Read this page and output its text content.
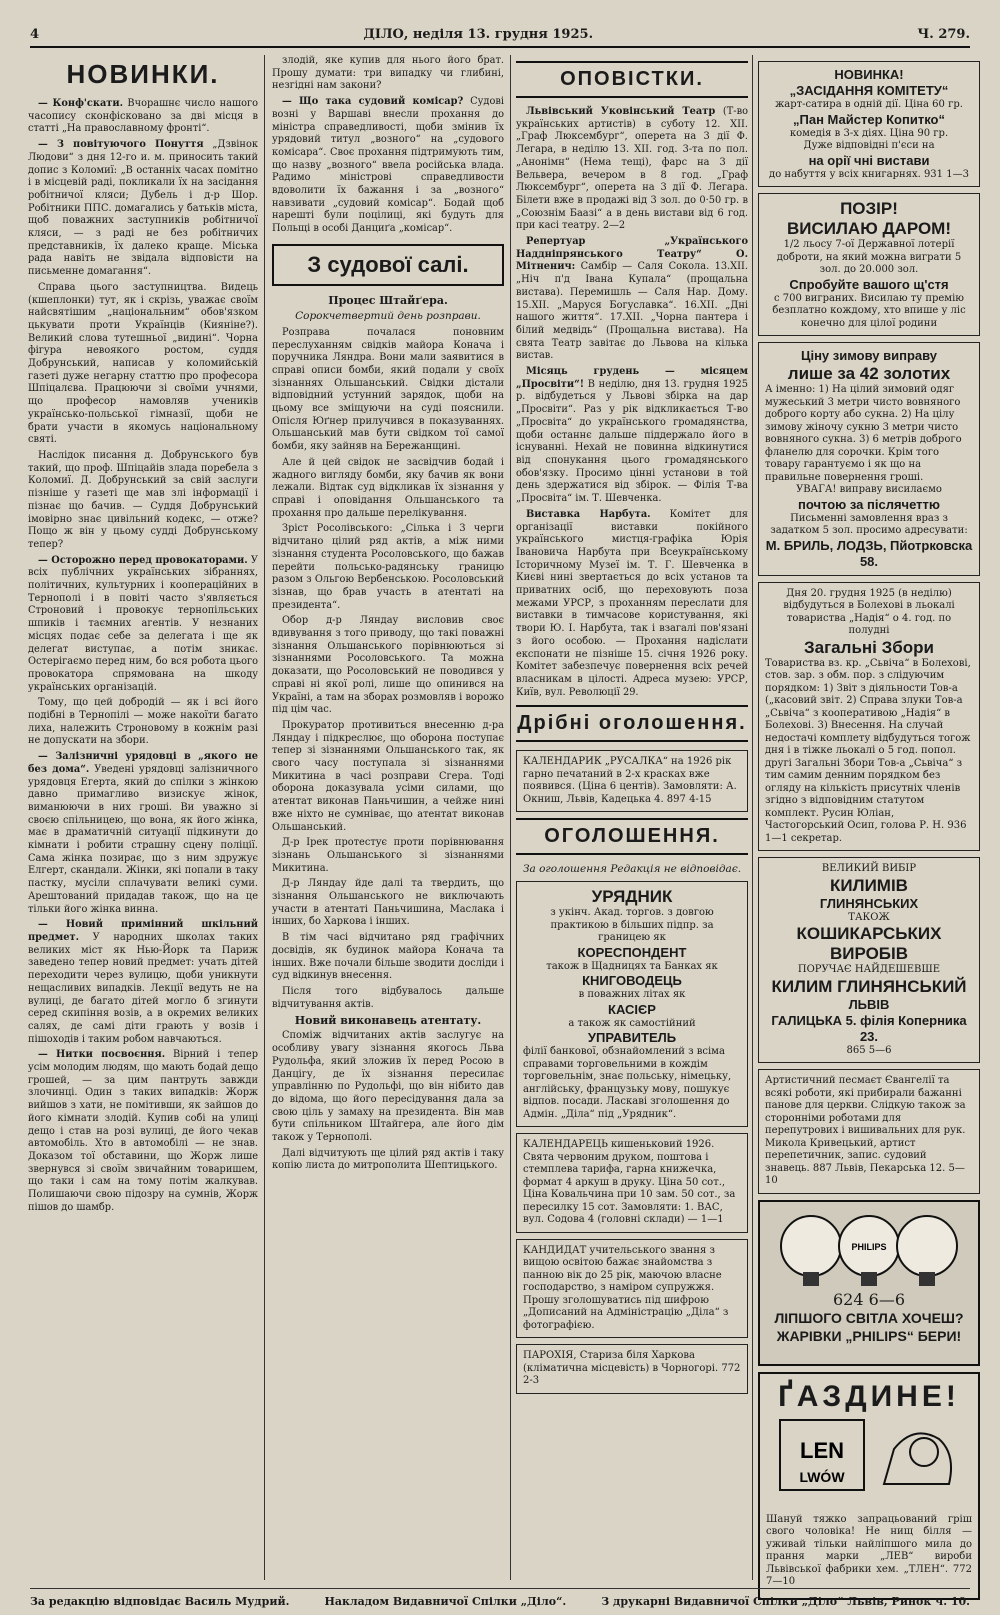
4	ДІЛО, неділя 13. грудня 1925.	Ч. 279.
НОВИНКИ.

— Конф'скати. Вчорашнє число нашого часопису сконфісковано за дві місця в статті „На православному фронті“.

— З повітуючого Понуття „Дзвінок Людови“ з дня 12-го и. м. приносить такий допис з Коломиї: „В останніх часах помітно і в місцевій раді, покликали їх на засідання робітничої кляси; Дубель і д-р Шор. Робітники ППС. домагались у батьків міста, щоб поважних заступників робітничої кляси, — з раді не без робітничих представників, їх далеко краще. Міська рада навіть не звідала відповісти на письменне домагання“.

Справа цього заступництва. Видець (кшеплонки) тут, як і скрізь, уважає своїм найсвятішим „національним“ обов'язком цькувати проти Українців (Кияніне?). Великий слова тутешньої „видині“. Чорна фігура невоякого ростом, суддя Добрунський, написав у коломийській газеті дуже негарну статтю про професора Шпіцалєва. Працюючи зі своїми учнями, що професор намовляв учеників українсько-польської гімназії, щоби не брати участи в якомусь національному святі.

Наслідок писання д. Добрунського був такий, що проф. Шпіцайів злада поребела з Коломиї. Д. Добрунський за свій заслуги пізніше у газеті ще мав злі інформації і пізнає що бачив. — Суддя Добрунський імовірно знає цивільний кодекс, — отже? Пощо ж він у цьому судді Добрунському тепер?

— Осторожно перед провокаторами. У всіх публічних українських зібраннях, політичних, культурних і коопераційних в Тернополі і в повіті часто з'являється Строновий і провокує тернопільських шпиків і таємних агентів. У незнаних місцях подає себе за делегата і ще як делегат виступає, а потім зникає. Остерігаємо перед ним, бо вся робота цього провокатора спрямована на шкоду українських організацій.

Тому, що цей добродій — як і всі його подібні в Тернопілі — може накоїти багато лиха, належить Строновому в кожнім разі не допускати на збори.

— Залізничні урядовці в „якого не без дома“. Уведені урядовці залізничного урядовця Егерта, який до спілки з жінкою давно примагливо визискує жінок, виманюючи в них гроші. Ви уважно зі своєю спільницею, що вона, як його жінка, має в драматичній ситуації підкинути до кімнати і робити страшну сцену поліції. Сама жінка позирає, що з ним здружує Елгерт, скандали. Жінки, які попали в таку пастку, мусіли сплачувати великі суми. Арештований придадав також, що на це тільки його жінка винна.

— Новий примінний шкільний предмет. У народних школах таких великих міст як Нью-Йорк та Париж заведено тепер новий предмет: учать дітей переходити через вулицю, щоби уникнути нещасливих випадків. Лекції ведуть не на вулиці, де багато дітей могло б згинути серед скипіння возів, а в окремих великих салях, де самі діти грають у возів і пішоходів і таким робом навчаються.

— Нитки посвоєння. Вірний і тепер усім молодим людям, що мають бодай дещо грошей, — за цим пантруть завжди злочинці. Один з таких випадків: Жорж вийшов з хати, не помітивши, як зайшов до його кімнати злодій. Купив собі на улиці дещо і став на розі вулиці, де його чекав автомобіль. Хто в автомобілі — не знав. Доказом тої обставини, що Жорж лише звернувся зі своїм звичайним товаришем, що таки і сам на тому потім жалкував. Полишаючи свою підозру на сумнів, Жорж пішов до шамбр.

злодій, яке купив для нього його брат. Прошу думати: три випадку чи глибині, незгідні нам закони?

— Що така судовий комісар? Судові возні у Варшаві внесли прохання до міністра справедливості, щоби змінив їх урядовий титул „возного“ на „судового комісара“. Своє прохання підтримують тим, що назву „возного“ ввела російська влада. Радимо міністрові справедливости вдоволити їх бажання і за „возного“ навзивати „судовий комісар“. Бодай щоб нарешті були поцілиці, які будуть для Польщі в особі Данциґа „комісар“.

З судової салі.
Процес Штайґера.
Сорокчетвертий день розправи.

Розправа почалася поновним переслуханням свідків майора Конача і поручника Ляндра. Вони мали заявитися в справі описи бомби, який подали у своїх зізнаннях Ольшанський. Свідки дістали відповідний устунний зарядок, щоби на цьому все зміщуючи на суді пояснили. Опісля Юґнер прилучився в показуваннях. Ольшанський мав бути свідком тої самої бомби, яку зайняв на Бережанщині.

Але й цей свідок не засвідчив бодай і жадного вигляду бомби, яку бачив як вони лежали. Відтак суд відкликав їх зізнання у справі і оповідання Ольшанського та прохання про дальше перелікування.

Зріст Росолівського: „Сілька і 3 черги відчитано цілий ряд актів, а між ними зізнання студента Росоловського, що бажав перейти польсько-радянську границю разом з Ольгою Вербенською. Росоловський зізнав, що брав участь в атентаті на президента“.

Обор д-р Ляндау висловив своє вдивування з того приводу, що такі поважні зізнання Ольшанського порівнюються зі зізнаннями Росоловського. Та можна доказати, що Росоловський не поводився у справі ні якої ролі, лише що опинився на Україні, а там на зборах розмовляв і ворожо під цім час.

Прокуратор противиться внесенню д-ра Ляндау і підкреслює, що оборона поступає тепер зі зізнаннями Ольшанського так, як свого часу поступала зі зізнаннями Микитина в часі розправи Сгера. Тоді оборона доказувала усіми силами, що атентат виконав Паньчишин, а чейже нині вже ніхто не сумніває, що атентат виконав Ольшанський.

Д-р Ірек протестує проти порівнювання зізнань Ольшанського зі зізнаннями Микитина.

Д-р Ляндау йде далі та твердить, що зізнання Ольшанського не виключають участи в атентаті Паньчишина, Маслака і інших, бо Харкова і інших.

В тім часі відчитано ряд графічних досвідів, як будинок майора Конача та інших. Вже почали більше зводити досліди і суд відкинув внесення.

Після того відбувалось дальше відчитування актів.

Новий виконавець атентату.

Споміж відчитаних актів заслугує на особливу увагу зізнання якогось Льва Рудольфа, який зложив їх перед Росою в Данцігу, де їх зізнання пересилає управлінню по Рудольфі, що він нібито дав до відома, що його пересідування дала за свою ціль у замаху на президента. Він мав бути спільником Штайгера, але його дім також у Тернополі.

Далі відчитують ще цілий ряд актів і таку копію листа до митрополита Шептицького.

ОПОВІСТКИ.

Львівський Уковінський Театр (Т-во українських артистів) в суботу 12. XII. „Граф Люксембург“, оперета на 3 дії Ф. Легара, в неділю 13. XII. год. 3-та по пол. „Анонімн“ (Нема тещі), фарс на 3 дії Вельвера, вечером в 8 год. „Граф Люксембург“, оперета на 3 дії Ф. Легара. Білети вже в продажі від 3 зол. до 0·50 гр. в „Союзнім Баазі“ а в день вистави від 6 год. при касі театру. 2—2

Репертуар „Українського Наддніпрянського Театру“ О. Мітненич: Самбір — Саля Сокола. 13.XII. „Ніч п'д Івана Купала“ (прощальна вистава). Перемишль — Саля Нар. Дому. 15.XII. „Маруся Богуславка“. 16.XII. „Дні нашого життя“. 17.XII. „Чорна пантера і білий медвідь“ (Прощальна вистава). На свята Театр завітає до Львова на кілька вистав.

Місяць грудень — місяцем „Просвіти“! В неділю, дня 13. грудня 1925 р. відбудеться у Львові збірка на дар „Просвіти“. Раз у рік відкликається Т-во „Просвіта“ до українського громадянства, щоби останнє дальше піддержало його в існуванні. Нехай не повинна відкинутися від спонукання цього громадянського обов'язку. Просимо цінні установи в той день здержатися від збірок. — Філія Т-ва „Просвіта“ ім. Т. Шевченка.

Виставка Нарбута. Комітет для організації виставки покійного українського мистця-графіка Юрія Івановича Нарбута при Всеукраїнському Історичному Музеї ім. Т. Г. Шевченка в Києві нині звертається до всіх установ та приватних осіб, що переховують поза межами УРСР, з проханням переслати для виставки в тимчасове користування, які твори Ю. І. Нарбута, так і взагалі пов'язані з його особою. — Прохання надіслати експонати не пізніше 15. січня 1926 року. Комітет забезпечує повернення всіх речей власникам в цілості. Адреса музею: УРСР, Київ, вул. Революції 29.

Дрібні оголошення.
КАЛЕНДАРИК „РУСАЛКА“ на 1926 рік гарно печатаний в 2-х красках вже появився. (Ціна 6 центів). Замовляти: А. Окниш, Львів, Кадецька 4. 897 4-15
ОГОЛОШЕННЯ.
За оголошення Редакція не відповідає.
УРЯДНИК
з укінч. Акад. торгов. з довгою практикою в більших підпр. за границею як
КОРЕСПОНДЕНТ
також в Щадницях та Банках як
КНИГОВОДЕЦЬ
в поважних літах як
КАСІЄР
а також як самостійний
УПРАВИТЕЛЬ
філії банкової, обзнайомлений з всіма справами торговельними в кождім торговельнім, знає польську, німецьку, англійську, французьку мову, пошукує відпов. посади. Ласкаві зголошення до Адмін. „Діла“ під „Урядник“.
КАЛЕНДАРЕЦЬ кишеньковий 1926. Свята червоним друком, поштова і стемплева тарифа, гарна книжечка, формат 4 аркуш в друку. Ціна 50 сот., Ціна Ковальчина при 10 зам. 50 сот., за пересилку 15 сот. Замовляти: 1. ВАС, вул. Содова 4 (головні склади) — 1—1
КАНДИДАТ учительського звання з вищою освітою бажає знайомства з панною вік до 25 рік, маючою власне господарство, з наміром супружжя. Прошу зголошуватись під шифрою „Дописаний на Адміністрацію „Діла“ з фотографією.
ПАРОХІЯ, Стариза біля Харкова (кліматична місцевість) в Чорногорі. 772 2-3
НОВИНКА!
„ЗАСІДАННЯ КОМІТЕТУ“
жарт-сатира в одній дії. Ціна 60 гр.
„Пан Майстер Копитко“
комедія в 3-х діях. Ціна 90 гр.
Дуже відповідні п'єси на
на орії чні вистави
до набуття у всіх книгарнях. 931 1—3
ПОЗІР!
ВИСИЛАЮ ДАРОМ!
1/2 льосу 7-ої Державної лотерії доброти, на який можна виграти 5 зол. до 20.000 зол.
Спробуйте вашого щ'стя
с 700 виграних. Висилаю ту премію безплатно кождому, хто впише у ліс конечно для цілої родини
Ціну зимову виправу
лише за 42 золотих
А іменно: 1) На цілий зимовий одяг мужеський 3 метри чисто вовняного доброго корту або сукна. 2) На цілу зимову жіночу сукню 3 метри чисто вовняного сукна. 3) 6 метрів доброго фланелю для сорочки. Крім того товару гарантуємо і як що на правильне повернення гроші.
УВАГА! виправу висилаємо
почтою за післячеттю
Письменні замовлення враз з задатком 5 зол. просимо адресувати:
М. БРИЛЬ, ЛОДЗЬ, Пйотрковска 58.
Дня 20. грудня 1925 (в неділю) відбудуться в Болехові в льокалі товариства „Надія“ о 4. год. по полудні
Загальні Збори
Товариства вз. кр. „Сьвіча“ в Болехові, стов. зар. з обм. пор. з слідуючим порядком: 1) Звіт з діяльности Тов-а („касовий звіт. 2) Справа злуки Тов-а „Сьвіча“ з кооперативою „Надія“ в Болехові. 3) Внесення. На случай недостачі комплету відбудуться тогож дня і в тіжке льокалі о 5 год. попол. другі Загальні Збори Тов-а „Сьвіча“ з тим самим денним порядком без огляду на кількість присутніх членів згідно з відповідним статутом комплект. Русин Юліан, Частогорський Осип, голова Р. Н. 936 1—1 секретар.
ВЕЛИКИЙ ВИБІР
КИЛИМІВ
ГЛИНЯНСЬКИХ
ТАКОЖ
КОШИКАРСЬКИХ ВИРОБІВ
ПОРУЧАЄ НАЙДЕШЕВШЕ
КИЛИМ ГЛИНЯНСЬКИЙ
ЛЬВІВ
ГАЛИЦЬКА 5. філія Коперника 23.
865 5—6
Артистичний песмаєт Євангелії та всякі роботи, які прибирали бажанні панове для церкви. Слідкую також за сторонніми роботами для перепутрових і вишивальних для рук. Микола Кривецький, артист перепетичник, запис. судовий знавець. 887 Львів, Пекарська 12. 5—10
PHILIPS
624 6—6
ЛІПШОГО СВІТЛА ХОЧЕШ?
ЖАРІВКИ „PHILIPS“ БЕРИ!
ҐАЗДИНЕ!
LEN
LWÓW
Шануй тяжко запрацьований гріш свого чоловіка! Не нищ білля — уживай тільки найліпшого мила до прання марки „ЛЕВ“ вироби Львівської фабрики хем. „ТЛЕН“. 772 7—10
За редакцію відповідає Василь Мудрий.	Накладом Видавничої Спілки „Діло“.	З друкарні Видавничої Спілки „Діло“ Львів, Ринок ч. 10.
